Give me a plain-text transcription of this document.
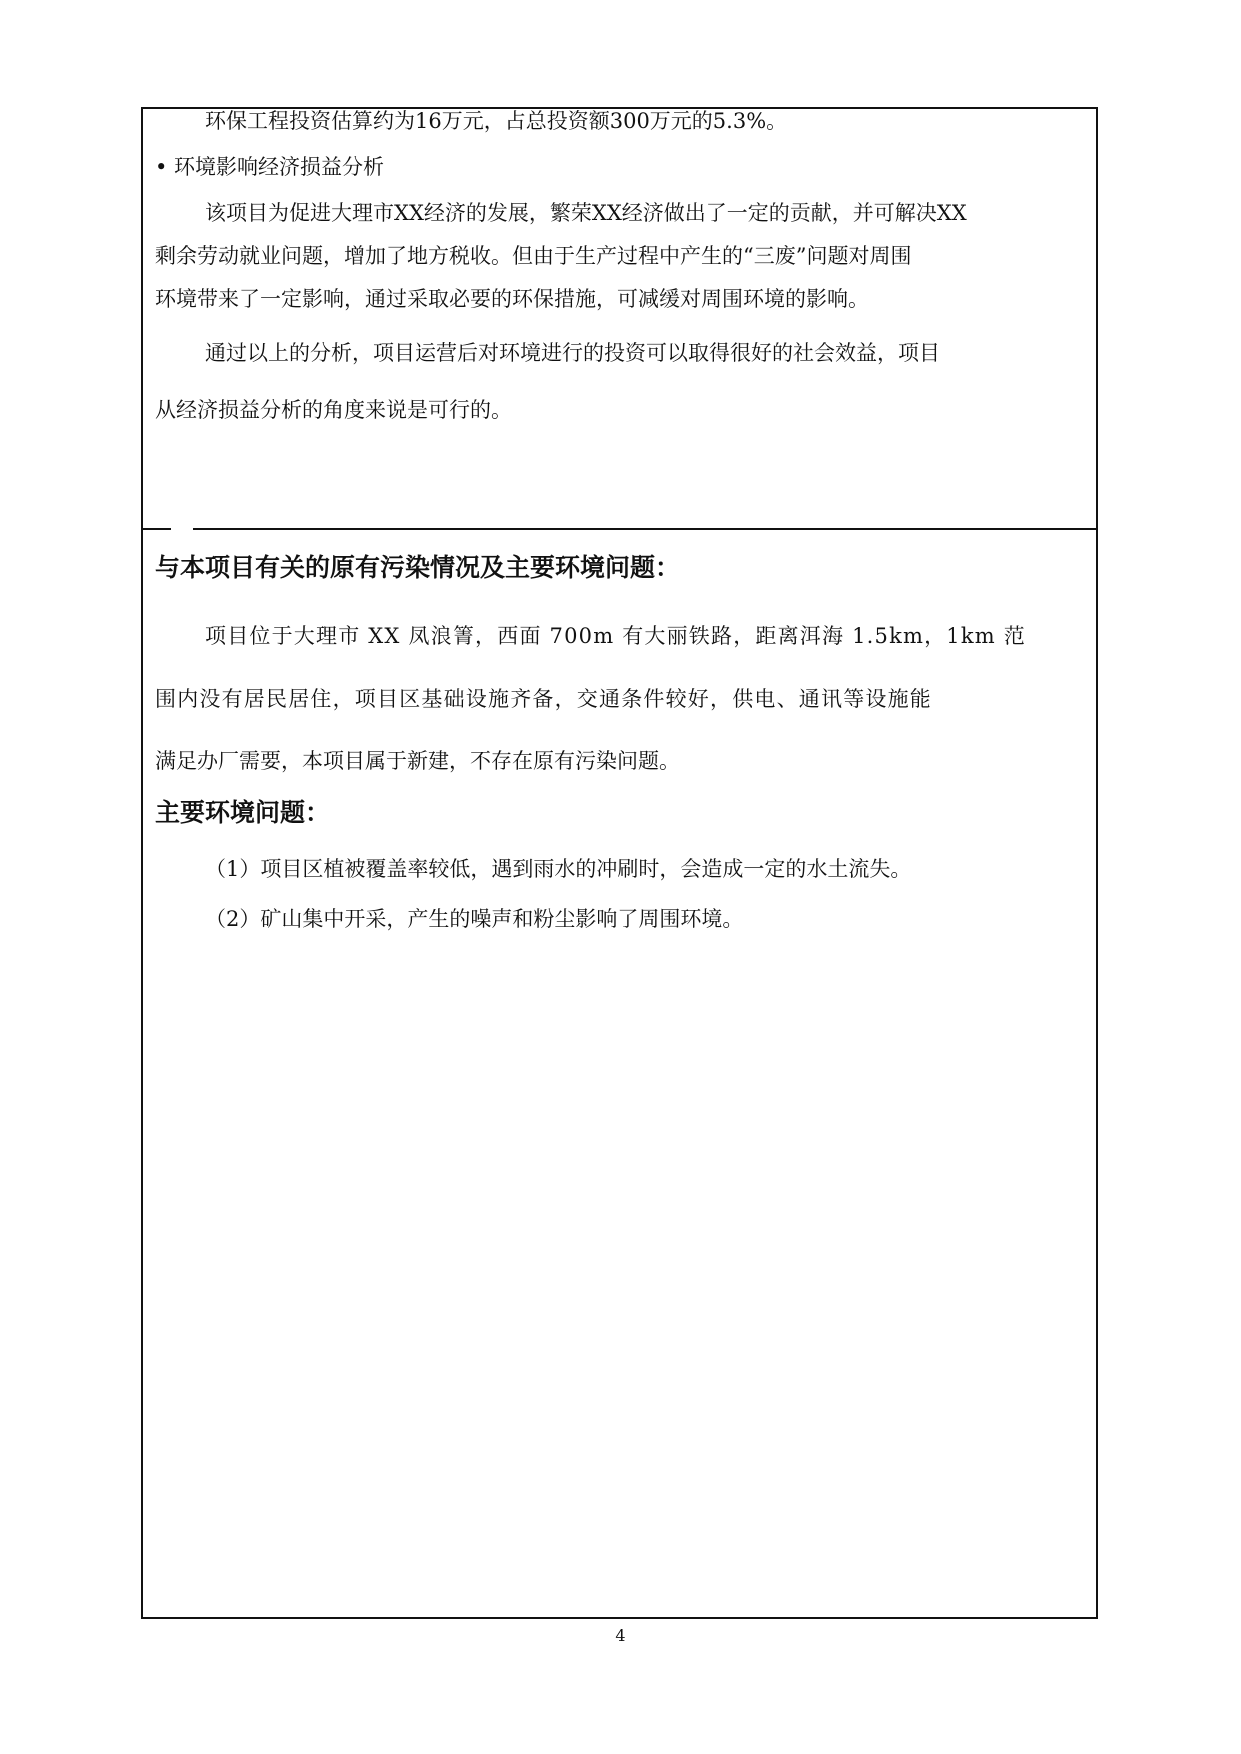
环保工程投资估算约为16万元，占总投资额300万元的5.3%。

• 环境影响经济损益分析

该项目为促进大理市XX经济的发展，繁荣XX经济做出了一定的贡献，并可解决XX

剩余劳动就业问题，增加了地方税收。但由于生产过程中产生的“三废”问题对周围

环境带来了一定影响，通过采取必要的环保措施，可减缓对周围环境的影响。

通过以上的分析，项目运营后对环境进行的投资可以取得很好的社会效益，项目

从经济损益分析的角度来说是可行的。

与本项目有关的原有污染情况及主要环境问题：

项目位于大理市 XX 凤浪箐，西面 700m 有大丽铁路，距离洱海 1.5km，1km 范

围内没有居民居住，项目区基础设施齐备，交通条件较好，供电、通讯等设施能

满足办厂需要，本项目属于新建，不存在原有污染问题。

主要环境问题：

（1）项目区植被覆盖率较低，遇到雨水的冲刷时，会造成一定的水土流失。

（2）矿山集中开采，产生的噪声和粉尘影响了周围环境。

4
